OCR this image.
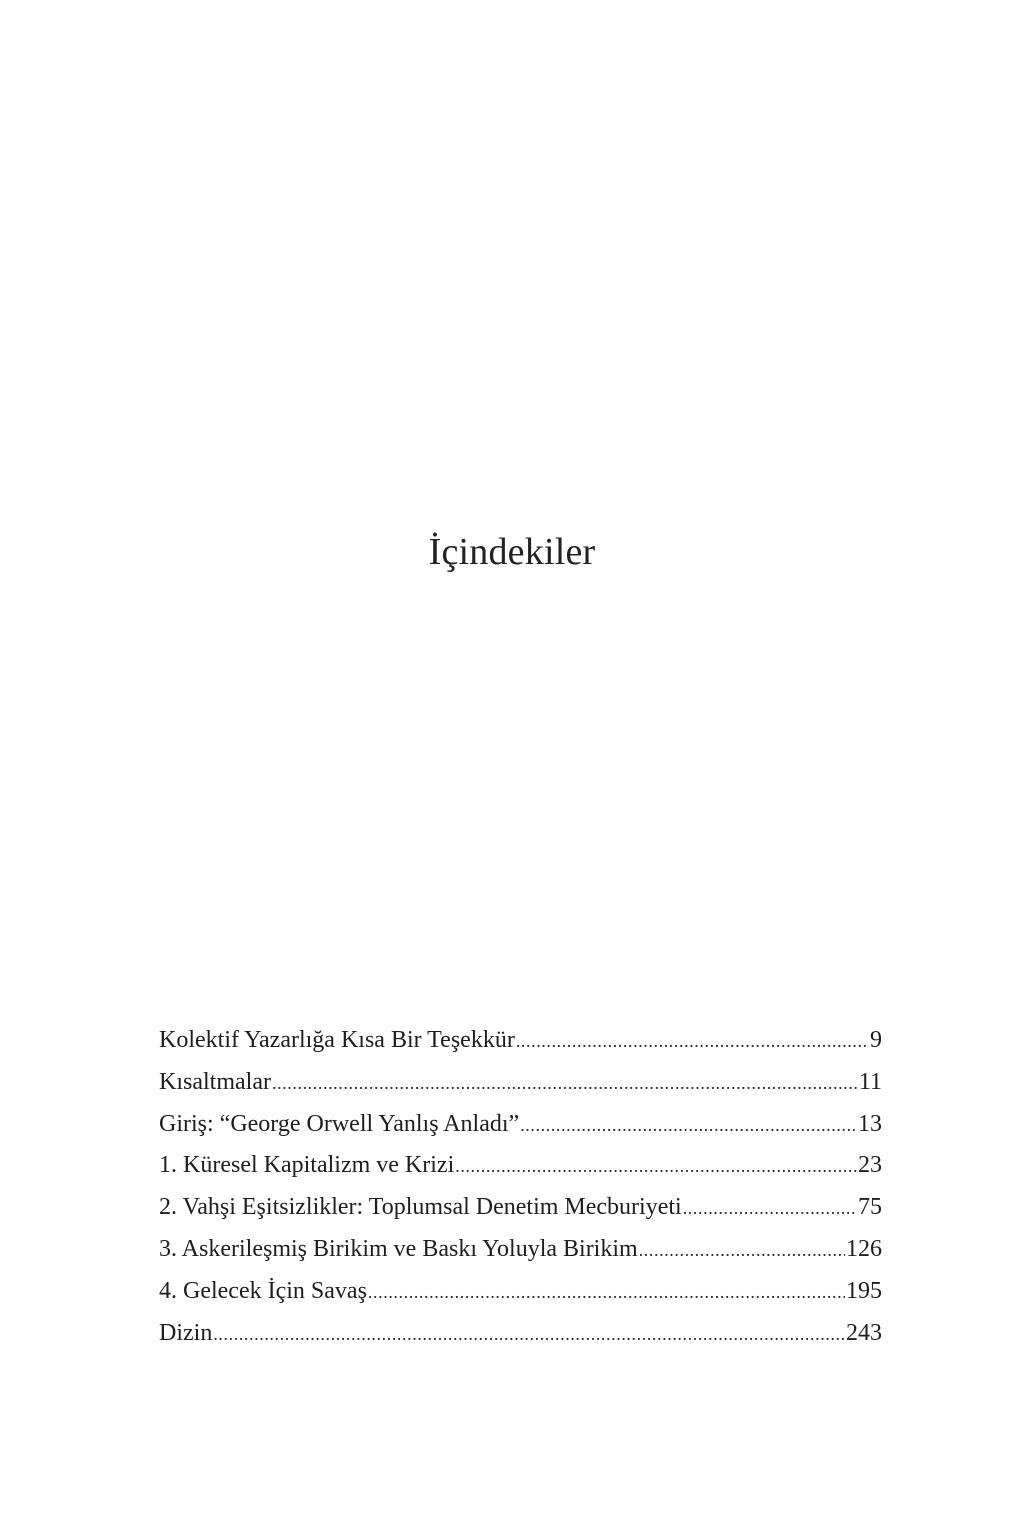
İçindekiler
Kolektif Yazarlığa Kısa Bir Teşekkür .....	9
Kısaltmalar .....	11
Giriş: “George Orwell Yanlış Anladı” .....	13
1. Küresel Kapitalizm ve Krizi .....	23
2. Vahşi Eşitsizlikler: Toplumsal Denetim Mecburiyeti .....	75
3. Askerileşmiş Birikim ve Baskı Yoluyla Birikim .....	126
4. Gelecek İçin Savaş .....	195
Dizin .....	243
